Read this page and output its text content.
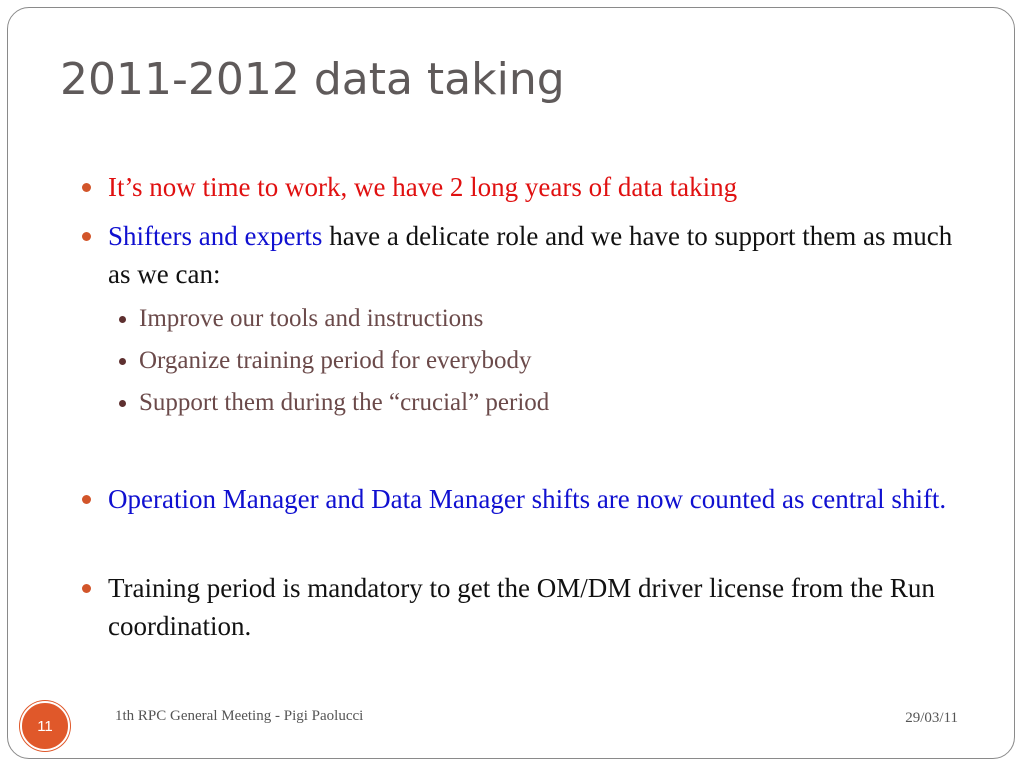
2011-2012 data taking
It’s now time to work, we have 2 long years of data taking
Shifters and experts have a delicate role and we have to support them as much as we can:
Improve our tools and instructions
Organize training period for everybody
Support them during the “crucial” period
Operation Manager and Data Manager shifts are now counted as central shift.
Training period is mandatory to get the OM/DM driver license from the Run coordination.
11
1th RPC General Meeting - Pigi Paolucci	29/03/11
